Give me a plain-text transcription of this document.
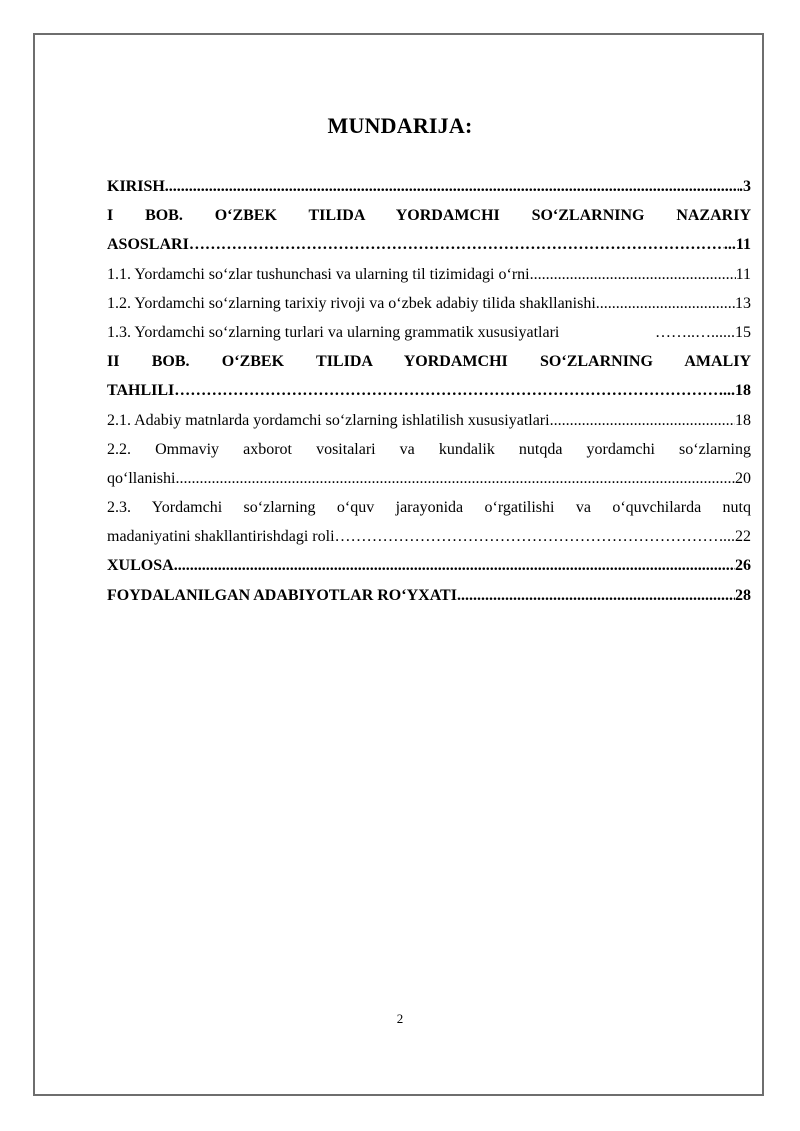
MUNDARIJA:
KIRISH .....	.3
I BOB. O‘ZBEK TILIDA YORDAMCHI SO‘ZLARNING NAZARIY
ASOSLARI ……………………………………………………………………………………………………………………………………	...11
1.1. Yordamchi so‘zlar tushunchasi va ularning til tizimidagi o‘rni .....	11
1.2. Yordamchi so‘zlarning tarixiy rivoji va o‘zbek adabiy tilida shakllanishi .....	13
1.3. Yordamchi so‘zlarning turlari va ularning grammatik xususiyatlari	……..…......15
II BOB. O‘ZBEK TILIDA YORDAMCHI SO‘ZLARNING AMALIY
TAHLILI ……………………………………………………………………………………………………………………………………	...18
2.1. Adabiy matnlarda yordamchi so‘zlarning ishlatilish xususiyatlari .....	18
2.2. Ommaviy axborot vositalari va kundalik nutqda yordamchi so‘zlarning
qo‘llanishi .....	20
2.3. Yordamchi so‘zlarning o‘quv jarayonida o‘rgatilishi va o‘quvchilarda nutq
madaniyatini shakllantirishdagi roli ……………………………………………………………………………………………………………………………………	....22
XULOSA .....	26
FOYDALANILGAN ADABIYOTLAR RO‘YXATI .....	28
2
